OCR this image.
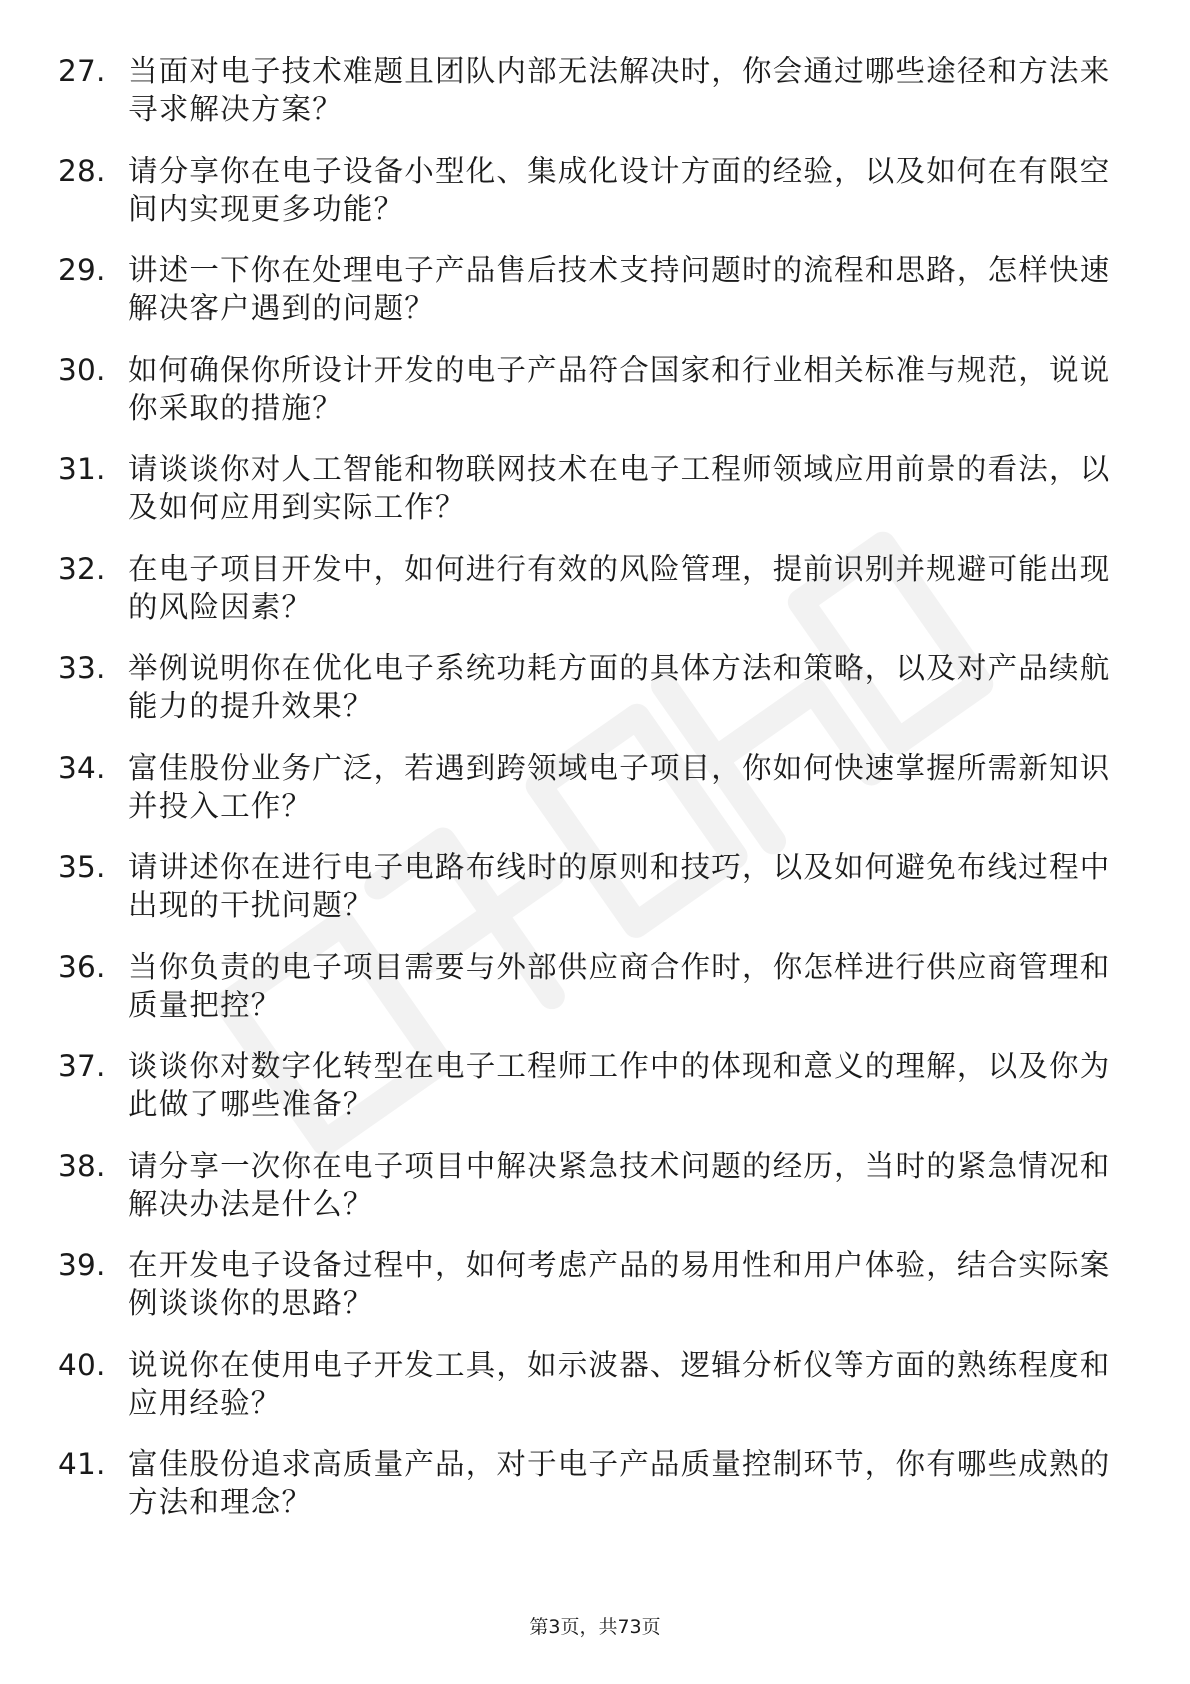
27. 当面对电子技术难题且团队内部无法解决时，你会通过哪些途径和方法来寻求解决方案？
28. 请分享你在电子设备小型化、集成化设计方面的经验，以及如何在有限空间内实现更多功能？
29. 讲述一下你在处理电子产品售后技术支持问题时的流程和思路，怎样快速解决客户遇到的问题？
30. 如何确保你所设计开发的电子产品符合国家和行业相关标准与规范，说说你采取的措施？
31. 请谈谈你对人工智能和物联网技术在电子工程师领域应用前景的看法，以及如何应用到实际工作？
32. 在电子项目开发中，如何进行有效的风险管理，提前识别并规避可能出现的风险因素？
33. 举例说明你在优化电子系统功耗方面的具体方法和策略，以及对产品续航能力的提升效果？
34. 富佳股份业务广泛，若遇到跨领域电子项目，你如何快速掌握所需新知识并投入工作？
35. 请讲述你在进行电子电路布线时的原则和技巧，以及如何避免布线过程中出现的干扰问题？
36. 当你负责的电子项目需要与外部供应商合作时，你怎样进行供应商管理和质量把控？
37. 谈谈你对数字化转型在电子工程师工作中的体现和意义的理解，以及你为此做了哪些准备？
38. 请分享一次你在电子项目中解决紧急技术问题的经历，当时的紧急情况和解决办法是什么？
39. 在开发电子设备过程中，如何考虑产品的易用性和用户体验，结合实际案例谈谈你的思路？
40. 说说你在使用电子开发工具，如示波器、逻辑分析仪等方面的熟练程度和应用经验？
41. 富佳股份追求高质量产品，对于电子产品质量控制环节，你有哪些成熟的方法和理念？
第3页，共73页
